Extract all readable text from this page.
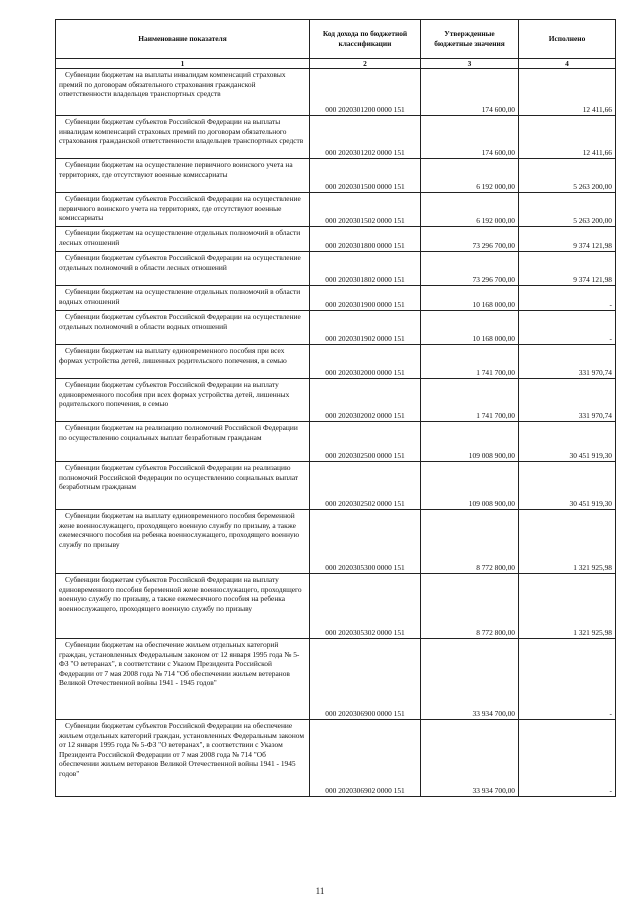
Наименование показателя	Код дохода по бюджетной классификации	Утвержденные бюджетные значения	Исполнено
1	2	3	4
Субвенции бюджетам на выплаты инвалидам компенсаций страховых премий по договорам обязательного страхования гражданской ответственности владельцев транспортных средств	000 2020301200 0000 151	174 600,00	12 411,66
Субвенции бюджетам субъектов Российской Федерации на выплаты инвалидам компенсаций страховых премий по договорам обязательного страхования гражданской ответственности владельцев транспортных средств	000 2020301202 0000 151	174 600,00	12 411,66
Субвенции бюджетам на осуществление первичного воинского учета на территориях, где отсутствуют военные комиссариаты	000 2020301500 0000 151	6 192 000,00	5 263 200,00
Субвенции бюджетам субъектов Российской Федерации на осуществление первичного воинского учета на территориях, где отсутствуют военные комиссариаты	000 2020301502 0000 151	6 192 000,00	5 263 200,00
Субвенции бюджетам на осуществление отдельных полномочий в области лесных отношений	000 2020301800 0000 151	73 296 700,00	9 374 121,98
Субвенции бюджетам субъектов Российской Федерации на осуществление отдельных полномочий в области лесных отношений	000 2020301802 0000 151	73 296 700,00	9 374 121,98
Субвенции бюджетам на осуществление отдельных полномочий в области водных отношений	000 2020301900 0000 151	10 168 000,00	-
Субвенции бюджетам субъектов Российской Федерации на осуществление отдельных полномочий в области водных отношений	000 2020301902 0000 151	10 168 000,00	-
Субвенции бюджетам на выплату единовременного пособия при всех формах устройства детей, лишенных родительского попечения, в семью	000 2020302000 0000 151	1 741 700,00	331 970,74
Субвенции бюджетам субъектов Российской Федерации на выплату единовременного пособия при всех формах устройства детей, лишенных родительского попечения, в семью	000 2020302002 0000 151	1 741 700,00	331 970,74
Субвенции бюджетам на реализацию полномочий Российской Федерации по осуществлению социальных выплат безработным гражданам	000 2020302500 0000 151	109 008 900,00	30 451 919,30
Субвенции бюджетам субъектов Российской Федерации на реализацию полномочий Российской Федерации по осуществлению социальных выплат безработным гражданам	000 2020302502 0000 151	109 008 900,00	30 451 919,30
Субвенции бюджетам на выплату единовременного пособия беременной жене военнослужащего, проходящего военную службу по призыву, а также ежемесячного пособия на ребенка военнослужащего, проходящего военную службу по призыву	000 2020305300 0000 151	8 772 800,00	1 321 925,98
Субвенции бюджетам субъектов Российской Федерации на выплату единовременного пособия беременной жене военнослужащего, проходящего военную службу по призыву, а также ежемесячного пособия на ребенка военнослужащего, проходящего военную службу по призыву	000 2020305302 0000 151	8 772 800,00	1 321 925,98
Субвенции бюджетам на обеспечение жильем отдельных категорий граждан, установленных Федеральным законом от 12 января 1995 года № 5-ФЗ "О ветеранах", в соответствии с Указом Президента Российской Федерации от 7 мая 2008 года № 714 "Об обеспечении жильем ветеранов Великой Отечественной войны 1941 - 1945 годов"	000 2020306900 0000 151	33 934 700,00	-
Субвенции бюджетам субъектов Российской Федерации на обеспечение жильем отдельных категорий граждан, установленных Федеральным законом от 12 января 1995 года № 5-ФЗ "О ветеранах", в соответствии с Указом Президента Российской Федерации от 7 мая 2008 года № 714 "Об обеспечении жильем ветеранов Великой Отечественной войны 1941 - 1945 годов"	000 2020306902 0000 151	33 934 700,00	-
11
